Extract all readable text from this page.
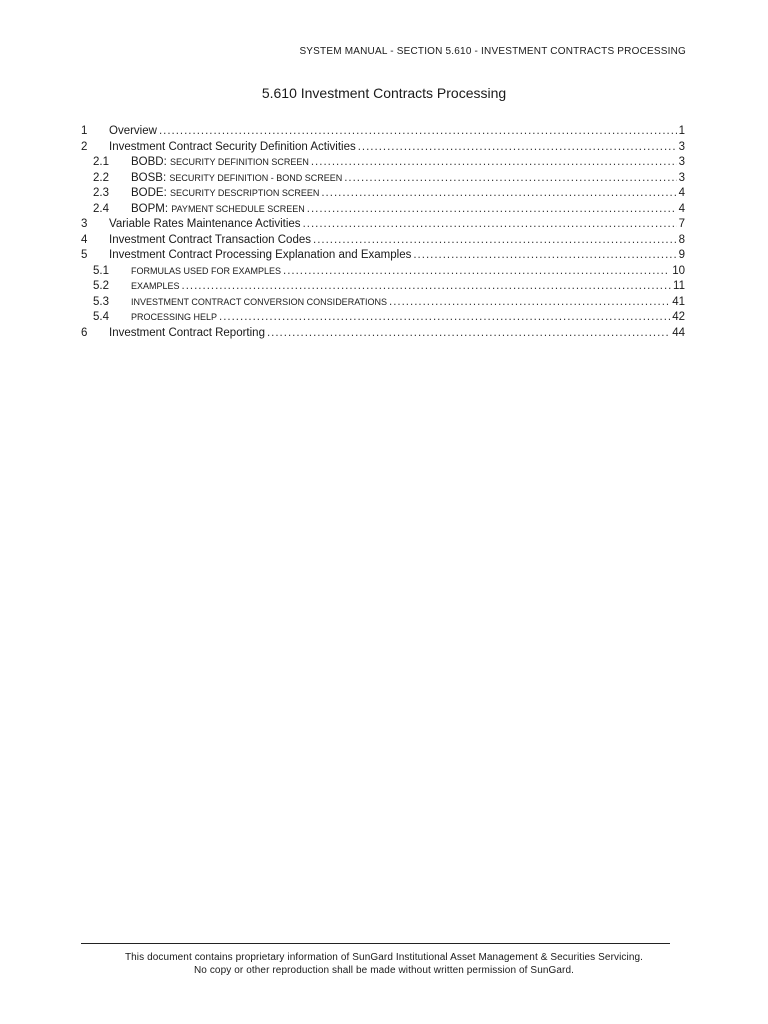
SYSTEM MANUAL - SECTION 5.610 - INVESTMENT CONTRACTS PROCESSING
5.610 Investment Contracts Processing
1	Overview .....	1
2	Investment Contract Security Definition Activities .....	3
2.1	BOBD: SECURITY DEFINITION SCREEN .....	3
2.2	BOSB: SECURITY DEFINITION - BOND SCREEN .....	3
2.3	BODE: SECURITY DESCRIPTION SCREEN .....	4
2.4	BOPM: PAYMENT SCHEDULE SCREEN .....	4
3	Variable Rates Maintenance Activities .....	7
4	Investment Contract Transaction Codes .....	8
5	Investment Contract Processing Explanation and Examples .....	9
5.1	FORMULAS USED FOR EXAMPLES .....	10
5.2	EXAMPLES .....	11
5.3	INVESTMENT CONTRACT CONVERSION CONSIDERATIONS .....	41
5.4	PROCESSING HELP .....	42
6	Investment Contract Reporting .....	44
This document contains proprietary information of SunGard Institutional Asset Management & Securities Servicing.
No copy or other reproduction shall be made without written permission of SunGard.
